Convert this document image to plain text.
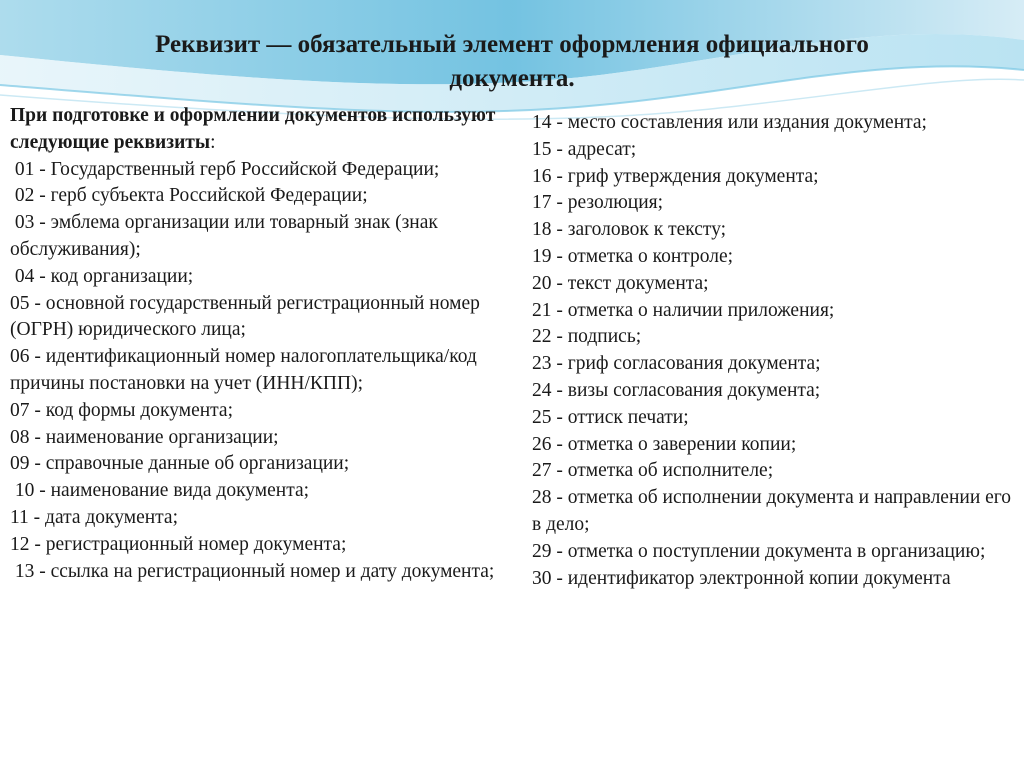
Реквизит — обязательный элемент оформления официального
документа.
При подготовке и оформлении документов используют следующие реквизиты:
01 - Государственный герб Российской Федерации;
02 - герб субъекта Российской Федерации;
03 - эмблема организации или товарный знак (знак обслуживания);
04 - код организации;
05 - основной государственный регистрационный номер (ОГРН) юридического лица;
06 - идентификационный номер налогоплательщика/код причины постановки на учет (ИНН/КПП);
07 - код формы документа;
08 - наименование организации;
09 - справочные данные об организации;
10 - наименование вида документа;
11 - дата документа;
12 - регистрационный номер документа;
13 - ссылка на регистрационный номер и дату документа;
14 - место составления или издания документа;
15 - адресат;
16 - гриф утверждения документа;
17 - резолюция;
18 - заголовок к тексту;
19 - отметка о контроле;
20 - текст документа;
21 - отметка о наличии приложения;
22 - подпись;
23 - гриф согласования документа;
24 - визы согласования документа;
25 - оттиск печати;
26 - отметка о заверении копии;
27 - отметка об исполнителе;
28 - отметка об исполнении документа и направлении его в дело;
29 - отметка о поступлении документа в организацию;
30 - идентификатор электронной копии документа
